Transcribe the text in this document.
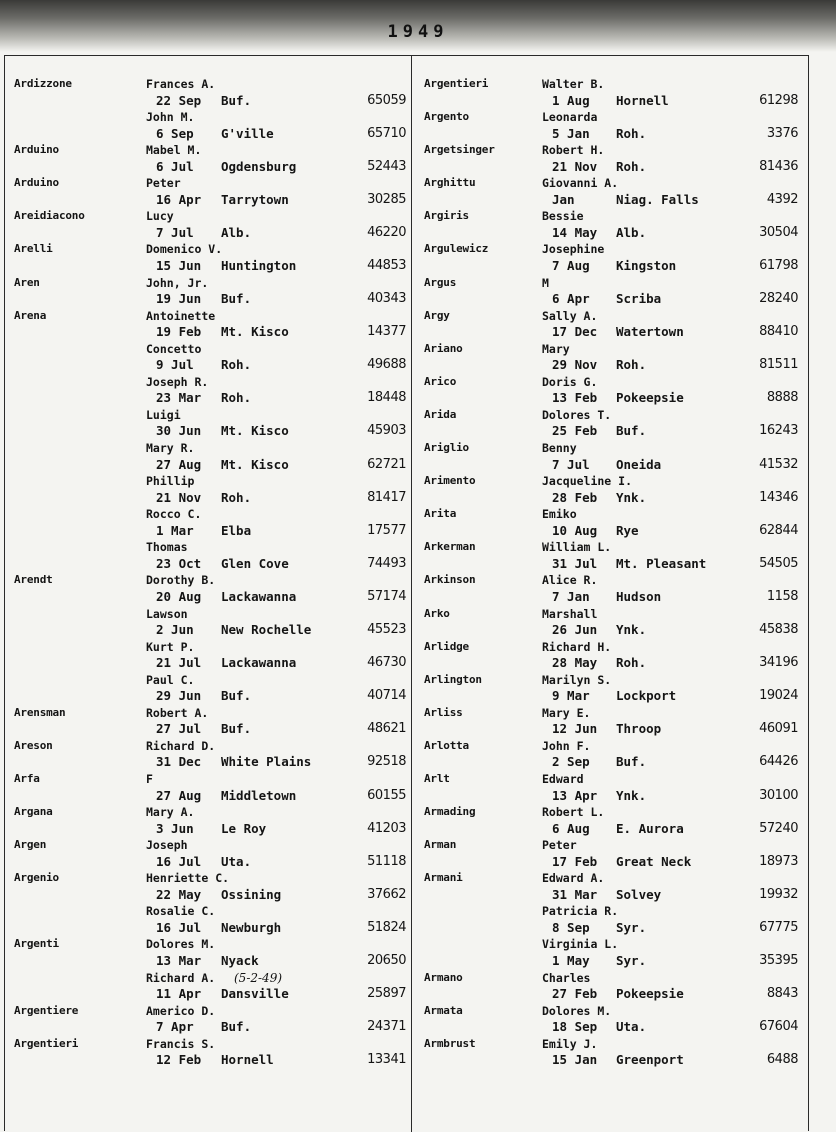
1949
Ardizzone	Frances A.
22 Sep Buf.	65059
John M.
6 Sep G'ville	65710
Arduino	Mabel M.
6 Jul Ogdensburg	52443
Arduino	Peter
16 Apr Tarrytown	30285
Areidiacono	Lucy
7 Jul Alb.	46220
Arelli	Domenico V.
15 Jun Huntington	44853
Aren	John, Jr.
19 Jun Buf.	40343
Arena	Antoinette
19 Feb Mt. Kisco	14377
Concetto
9 Jul Roh.	49688
Joseph R.
23 Mar Roh.	18448
Luigi
30 Jun Mt. Kisco	45903
Mary R.
27 Aug Mt. Kisco	62721
Phillip
21 Nov Roh.	81417
Rocco C.
1 Mar Elba	17577
Thomas
23 Oct Glen Cove	74493
Arendt	Dorothy B.
20 Aug Lackawanna	57174
Lawson
2 Jun New Rochelle	45523
Kurt P.
21 Jul Lackawanna	46730
Paul C.
29 Jun Buf.	40714
Arensman	Robert A.
27 Jul Buf.	48621
Areson	Richard D.
31 Dec White Plains	92518
Arfa	F
27 Aug Middletown	60155
Argana	Mary A.
3 Jun Le Roy	41203
Argen	Joseph
16 Jul Uta.	51118
Argenio	Henriette C.
22 May Ossining	37662
Rosalie C.
16 Jul Newburgh	51824
Argenti	Dolores M.
13 Mar Nyack	20650
Richard A. (5-2-49)
11 Apr Dansville	25897
Argentiere	Americo D.
7 Apr Buf.	24371
Argentieri	Francis S.
12 Feb Hornell	13341
Argentieri	Walter B.
1 Aug Hornell	61298
Argento	Leonarda
5 Jan Roh.	3376
Argetsinger	Robert H.
21 Nov Roh.	81436
Arghittu	Giovanni A.
Jan	Niag. Falls	4392
Argiris	Bessie
14 May Alb.	30504
Argulewicz	Josephine
7 Aug Kingston	61798
Argus	M
6 Apr Scriba	28240
Argy	Sally A.
17 Dec Watertown	88410
Ariano	Mary
29 Nov Roh.	81511
Arico	Doris G.
13 Feb Pokeepsie	8888
Arida	Dolores T.
25 Feb Buf.	16243
Ariglio	Benny
7 Jul Oneida	41532
Arimento	Jacqueline I.
28 Feb Ynk.	14346
Arita	Emiko
10 Aug Rye	62844
Arkerman	William L.
31 Jul Mt. Pleasant	54505
Arkinson	Alice R.
7 Jan Hudson	1158
Arko	Marshall
26 Jun Ynk.	45838
Arlidge	Richard H.
28 May Roh.	34196
Arlington	Marilyn S.
9 Mar Lockport	19024
Arliss	Mary E.
12 Jun Throop	46091
Arlotta	John F.
2 Sep Buf.	64426
Arlt	Edward
13 Apr Ynk.	30100
Armading	Robert L.
6 Aug E. Aurora	57240
Arman	Peter
17 Feb Great Neck	18973
Armani	Edward A.
31 Mar Solvey	19932
Patricia R.
8 Sep Syr.	67775
Virginia L.
1 May Syr.	35395
Armano	Charles
27 Feb Pokeepsie	8843
Armata	Dolores M.
18 Sep Uta.	67604
Armbrust	Emily J.
15 Jan Greenport	6488
